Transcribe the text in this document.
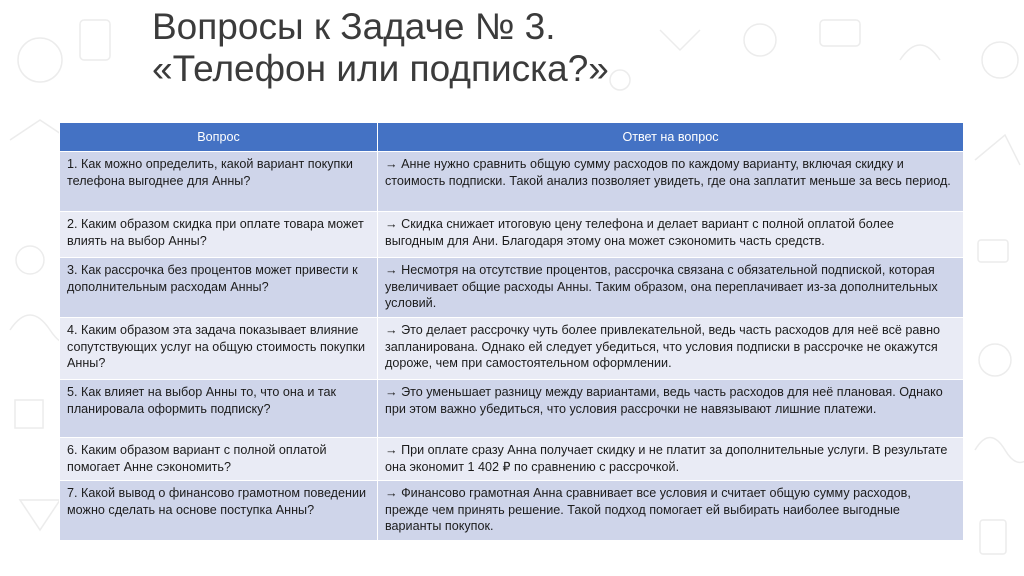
Вопросы к Задаче № 3.
«Телефон или подписка?»
Вопрос	Ответ на вопрос
1. Как можно определить, какой вариант покупки телефона выгоднее для Анны?	→ Анне нужно сравнить общую сумму расходов по каждому варианту, включая скидку и стоимость подписки. Такой анализ позволяет увидеть, где она заплатит меньше за весь период.
2. Каким образом скидка при оплате товара может влиять на выбор Анны?	→ Скидка снижает итоговую цену телефона и делает вариант с полной оплатой более выгодным для Ани. Благодаря этому она может сэкономить часть средств.
3. Как рассрочка без процентов может привести к дополнительным расходам Анны?	→ Несмотря на отсутствие процентов, рассрочка связана с обязательной подпиской, которая увеличивает общие расходы Анны. Таким образом, она переплачивает из-за дополнительных условий.
4. Каким образом эта задача показывает влияние сопутствующих услуг на общую стоимость покупки Анны?	→ Это делает рассрочку чуть более привлекательной, ведь часть расходов для неё всё равно запланирована. Однако ей следует убедиться, что условия подписки в рассрочке не окажутся дороже, чем при самостоятельном оформлении.
5. Как влияет на выбор Анны то, что она и так планировала оформить подписку?	→ Это уменьшает разницу между вариантами, ведь часть расходов для неё плановая. Однако при этом важно убедиться, что условия рассрочки не навязывают лишние платежи.
6. Каким образом вариант с полной оплатой помогает Анне сэкономить?	→ При оплате сразу Анна получает скидку и не платит за дополнительные услуги. В результате она экономит 1 402 ₽ по сравнению с рассрочкой.
7. Какой вывод о финансово грамотном поведении можно сделать на основе поступка Анны?	→ Финансово грамотная Анна сравнивает все условия и считает общую сумму расходов, прежде чем принять решение. Такой подход помогает ей выбирать наиболее выгодные варианты покупок.
